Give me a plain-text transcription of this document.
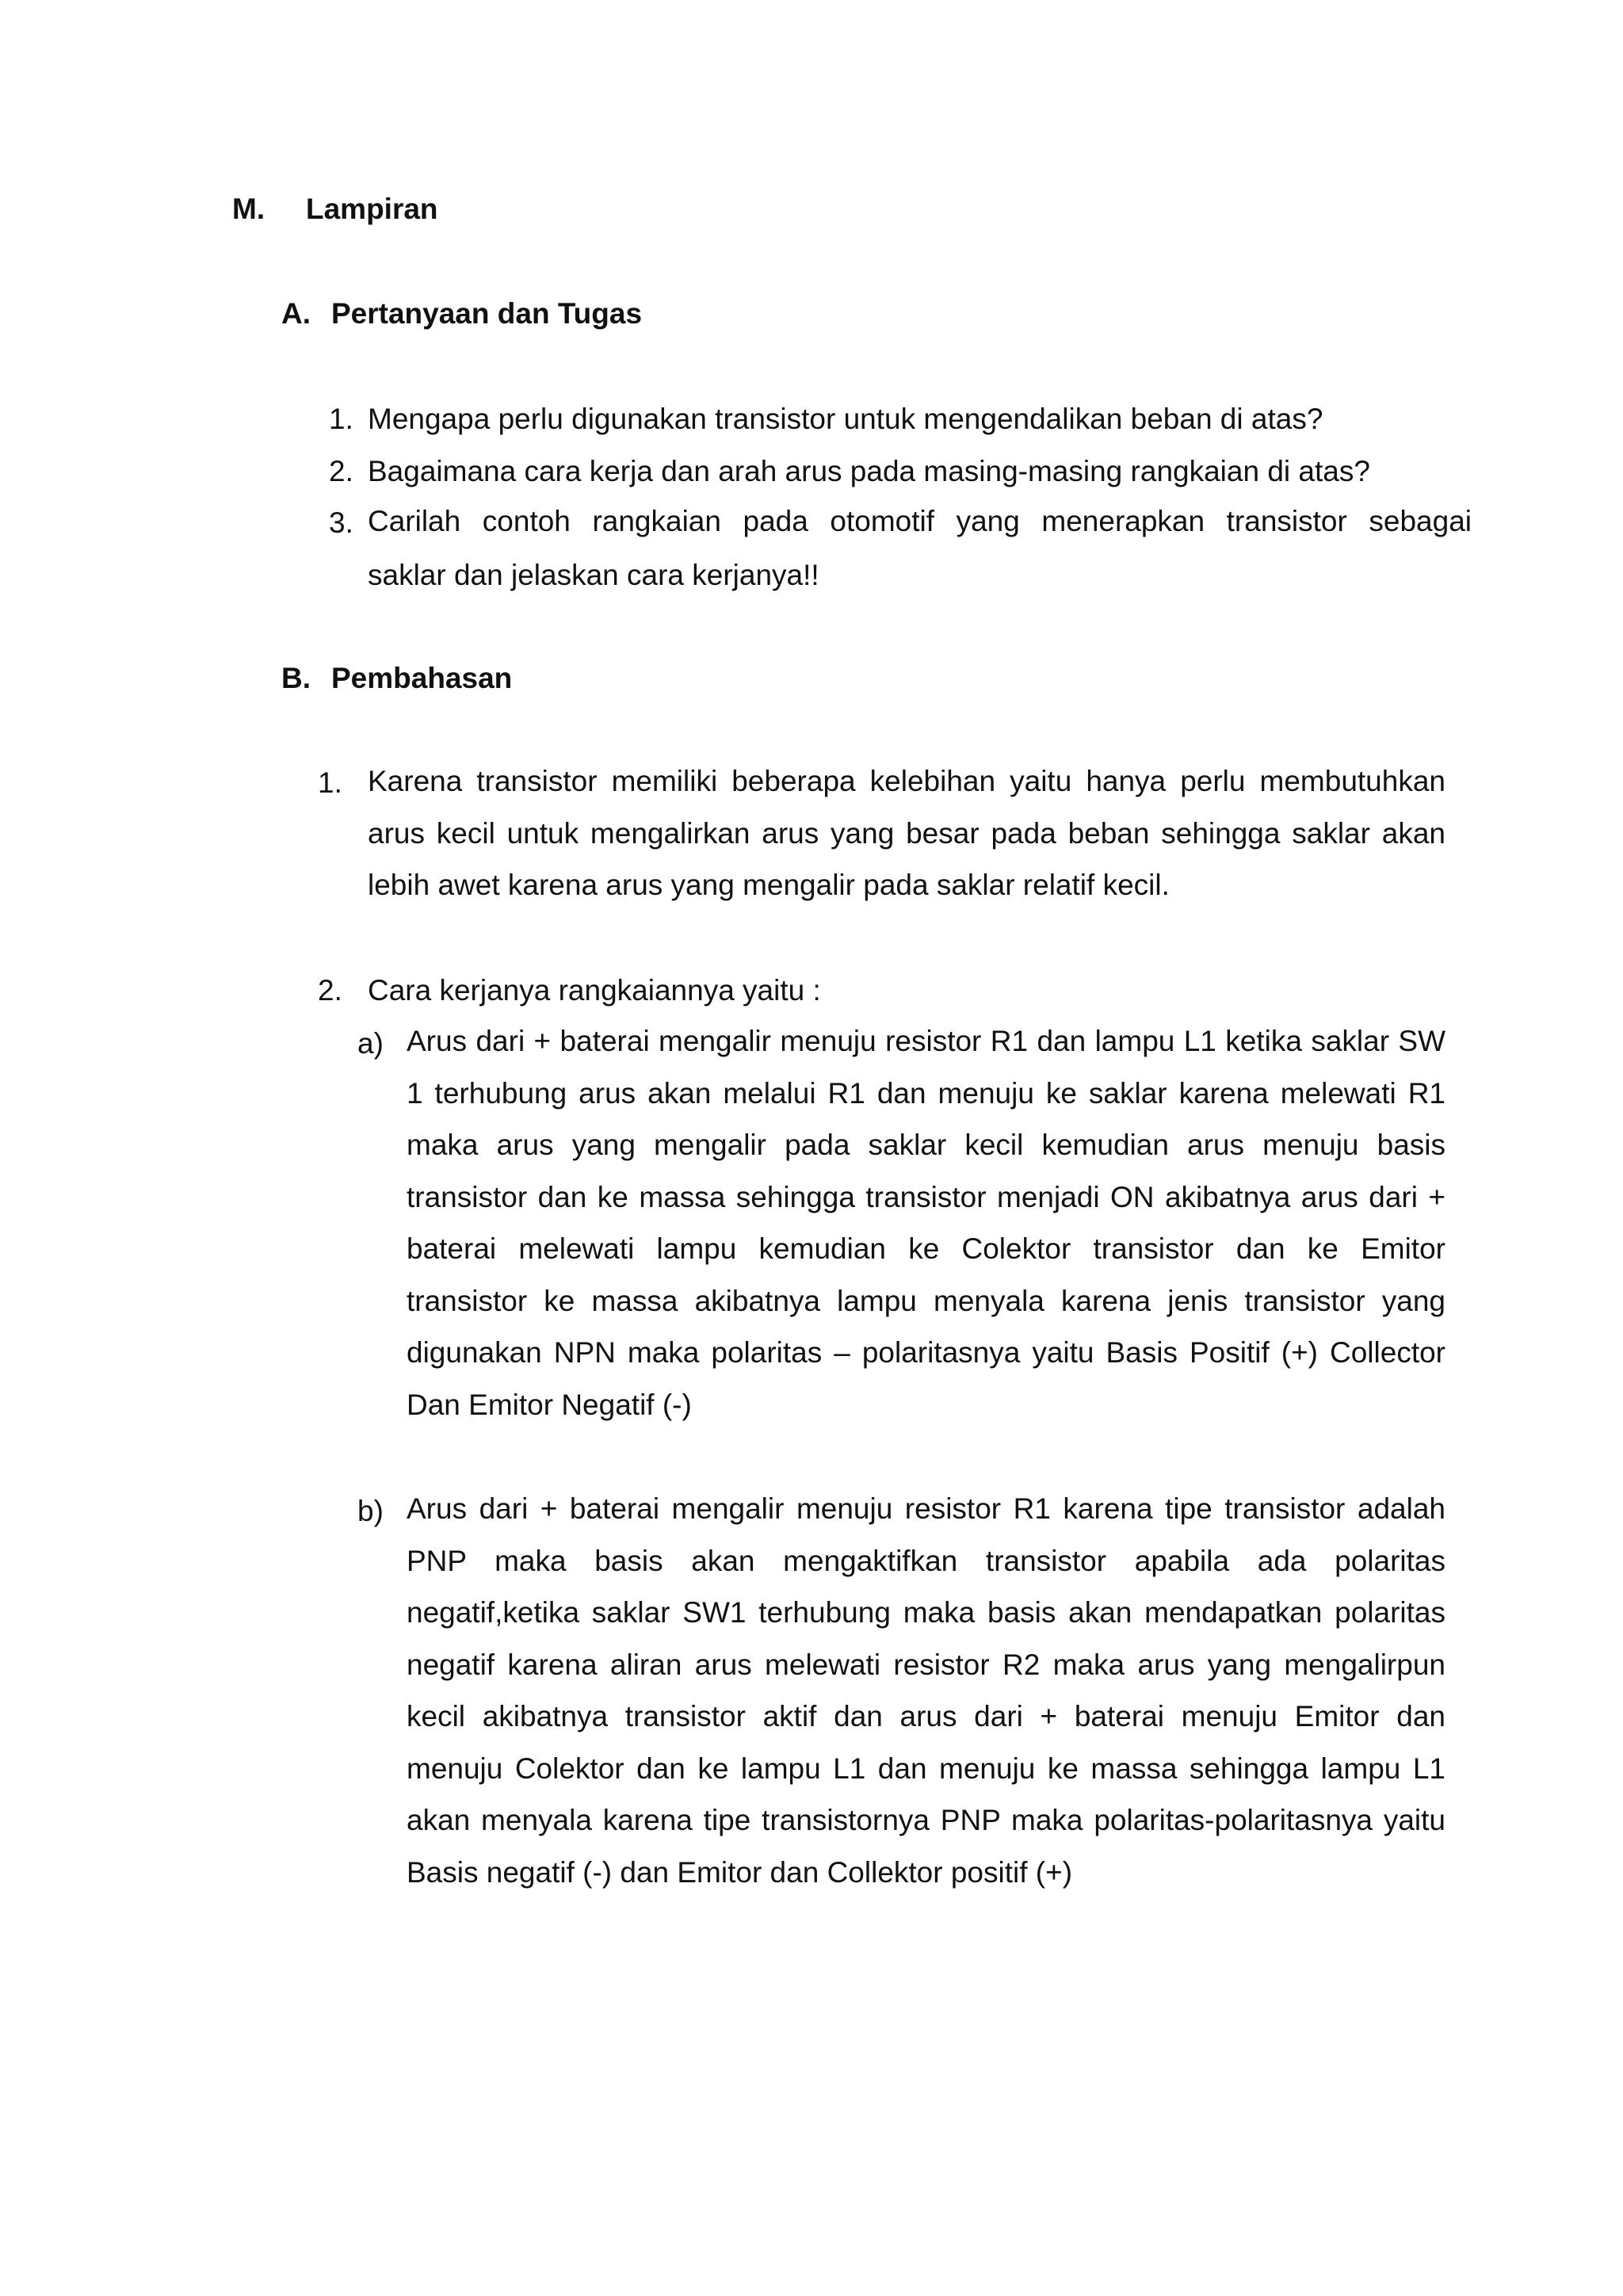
M. Lampiran
A. Pertanyaan dan Tugas
1. Mengapa perlu digunakan transistor untuk mengendalikan beban di atas?
2. Bagaimana cara kerja dan arah arus pada masing-masing rangkaian di atas?
3. Carilah contoh rangkaian pada otomotif yang menerapkan transistor sebagai
saklar dan jelaskan cara kerjanya!!
B. Pembahasan
1. Karena transistor memiliki beberapa kelebihan yaitu hanya perlu membutuhkan arus kecil untuk mengalirkan arus yang besar pada beban sehingga saklar akan lebih awet karena arus yang mengalir pada saklar relatif kecil.
2. Cara kerjanya rangkaiannya yaitu :
a) Arus dari + baterai mengalir menuju resistor R1 dan lampu L1 ketika saklar SW 1 terhubung arus akan melalui R1 dan menuju ke saklar karena melewati R1 maka arus yang mengalir pada saklar kecil kemudian arus menuju basis transistor dan ke massa sehingga transistor menjadi ON akibatnya arus dari + baterai melewati lampu kemudian ke Colektor transistor dan ke Emitor transistor ke massa akibatnya lampu menyala karena jenis transistor yang digunakan NPN maka polaritas – polaritasnya yaitu Basis Positif (+) Collector Dan Emitor Negatif (-)
b) Arus dari + baterai mengalir menuju resistor R1 karena tipe transistor adalah PNP maka basis akan mengaktifkan transistor apabila ada polaritas negatif,ketika saklar SW1 terhubung maka basis akan mendapatkan polaritas negatif karena aliran arus melewati resistor R2 maka arus yang mengalirpun kecil akibatnya transistor aktif dan arus dari + baterai menuju Emitor dan menuju Colektor dan ke lampu L1 dan menuju ke massa sehingga lampu L1 akan menyala karena tipe transistornya PNP maka polaritas-polaritasnya yaitu Basis negatif (-) dan Emitor dan Collektor positif (+)
